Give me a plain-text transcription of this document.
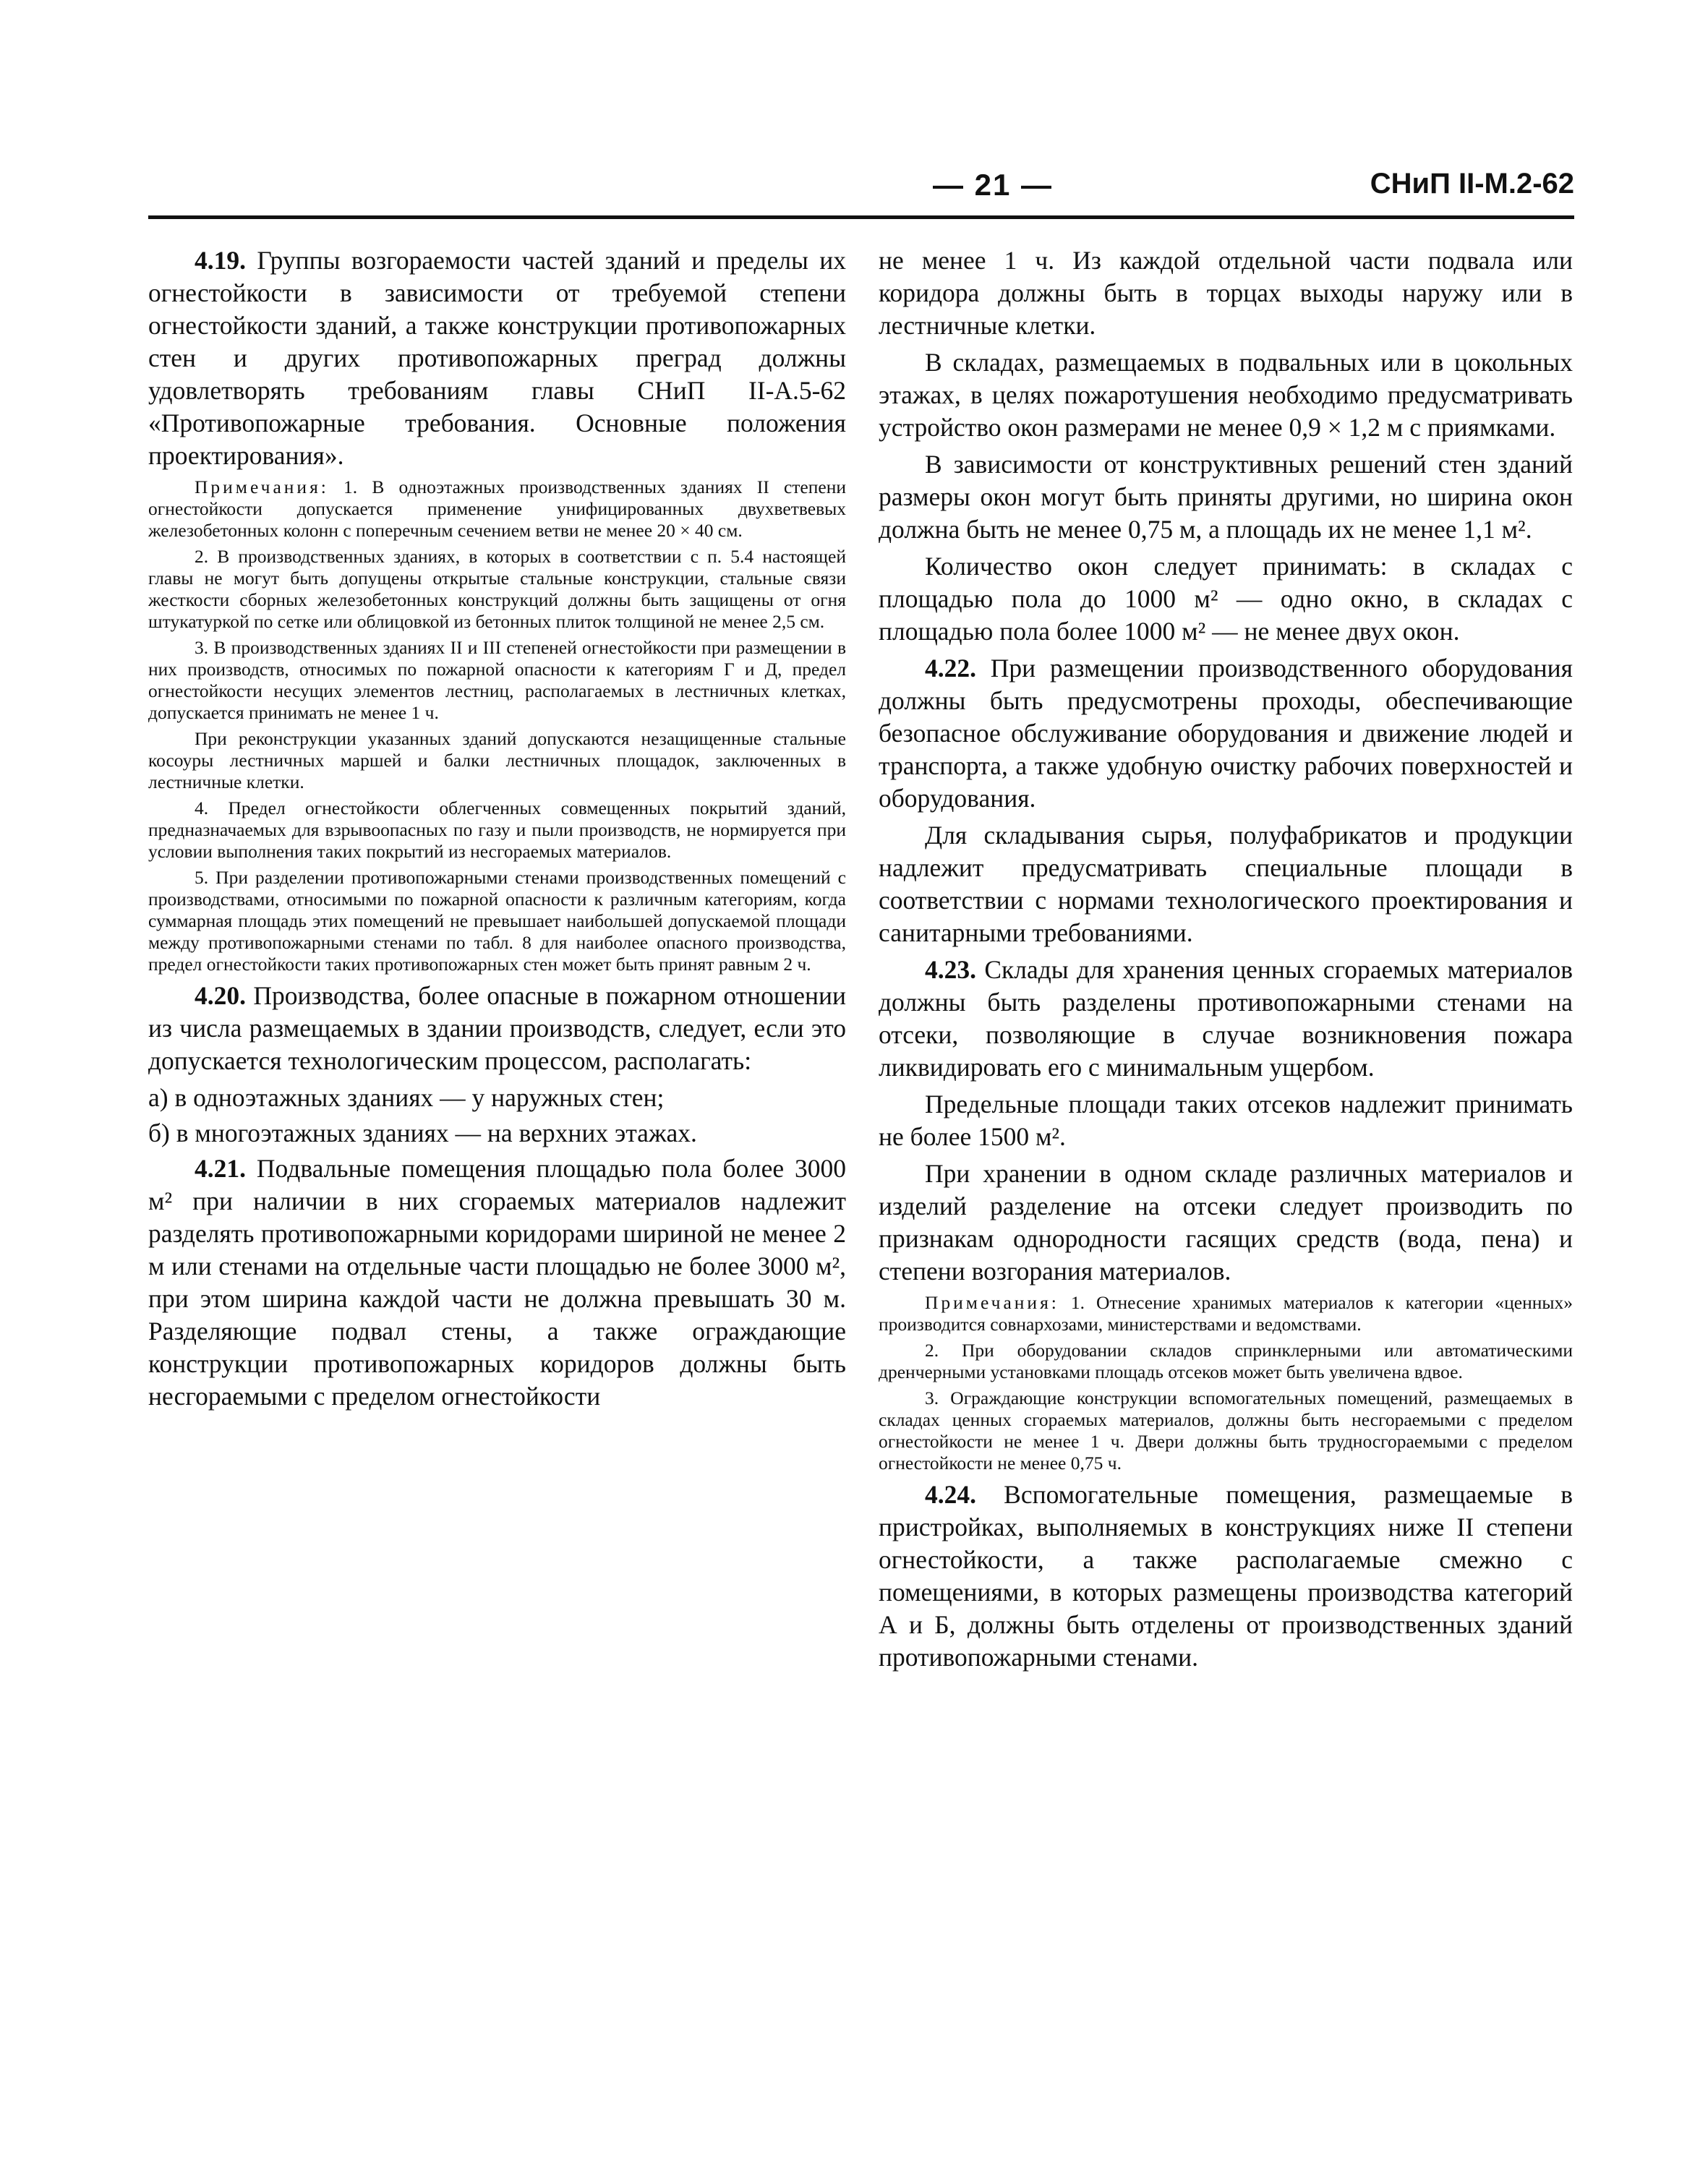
— 21 —	СНиП II-М.2-62

4.19. Группы возгораемости частей зданий и пределы их огнестойкости в зависимости от требуемой степени огнестойкости зданий, а также конструкции противопожарных стен и других противопожарных преград должны удовлетворять требованиям главы СНиП II-А.5-62 «Противопожарные требования. Основные положения проектирования».

Примечания: 1. В одноэтажных производственных зданиях II степени огнестойкости допускается применение унифицированных двухветвевых железобетонных колонн с поперечным сечением ветви не менее 20 × 40 см.

2. В производственных зданиях, в которых в соответствии с п. 5.4 настоящей главы не могут быть допущены открытые стальные конструкции, стальные связи жесткости сборных железобетонных конструкций должны быть защищены от огня штукатуркой по сетке или облицовкой из бетонных плиток толщиной не менее 2,5 см.

3. В производственных зданиях II и III степеней огнестойкости при размещении в них производств, относимых по пожарной опасности к категориям Г и Д, предел огнестойкости несущих элементов лестниц, располагаемых в лестничных клетках, допускается принимать не менее 1 ч.

При реконструкции указанных зданий допускаются незащищенные стальные косоуры лестничных маршей и балки лестничных площадок, заключенных в лестничные клетки.

4. Предел огнестойкости облегченных совмещенных покрытий зданий, предназначаемых для взрывоопасных по газу и пыли производств, не нормируется при условии выполнения таких покрытий из несгораемых материалов.

5. При разделении противопожарными стенами производственных помещений с производствами, относимыми по пожарной опасности к различным категориям, когда суммарная площадь этих помещений не превышает наибольшей допускаемой площади между противопожарными стенами по табл. 8 для наиболее опасного производства, предел огнестойкости таких противопожарных стен может быть принят равным 2 ч.

4.20. Производства, более опасные в пожарном отношении из числа размещаемых в здании производств, следует, если это допускается технологическим процессом, располагать:

а) в одноэтажных зданиях — у наружных стен;

б) в многоэтажных зданиях — на верхних этажах.

4.21. Подвальные помещения площадью пола более 3000 м² при наличии в них сгораемых материалов надлежит разделять противопожарными коридорами шириной не менее 2 м или стенами на отдельные части площадью не более 3000 м², при этом ширина каждой части не должна превышать 30 м. Разделяющие подвал стены, а также ограждающие конструкции противопожарных коридоров должны быть несгораемыми с пределом огнестойкости

не менее 1 ч. Из каждой отдельной части подвала или коридора должны быть в торцах выходы наружу или в лестничные клетки.

В складах, размещаемых в подвальных или в цокольных этажах, в целях пожаротушения необходимо предусматривать устройство окон размерами не менее 0,9 × 1,2 м с приямками.

В зависимости от конструктивных решений стен зданий размеры окон могут быть приняты другими, но ширина окон должна быть не менее 0,75 м, а площадь их не менее 1,1 м².

Количество окон следует принимать: в складах с площадью пола до 1000 м² — одно окно, в складах с площадью пола более 1000 м² — не менее двух окон.

4.22. При размещении производственного оборудования должны быть предусмотрены проходы, обеспечивающие безопасное обслуживание оборудования и движение людей и транспорта, а также удобную очистку рабочих поверхностей и оборудования.

Для складывания сырья, полуфабрикатов и продукции надлежит предусматривать специальные площади в соответствии с нормами технологического проектирования и санитарными требованиями.

4.23. Склады для хранения ценных сгораемых материалов должны быть разделены противопожарными стенами на отсеки, позволяющие в случае возникновения пожара ликвидировать его с минимальным ущербом.

Предельные площади таких отсеков надлежит принимать не более 1500 м².

При хранении в одном складе различных материалов и изделий разделение на отсеки следует производить по признакам однородности гасящих средств (вода, пена) и степени возгорания материалов.

Примечания: 1. Отнесение хранимых материалов к категории «ценных» производится совнархозами, министерствами и ведомствами.

2. При оборудовании складов спринклерными или автоматическими дренчерными установками площадь отсеков может быть увеличена вдвое.

3. Ограждающие конструкции вспомогательных помещений, размещаемых в складах ценных сгораемых материалов, должны быть несгораемыми с пределом огнестойкости не менее 1 ч. Двери должны быть трудносгораемыми с пределом огнестойкости не менее 0,75 ч.

4.24. Вспомогательные помещения, размещаемые в пристройках, выполняемых в конструкциях ниже II степени огнестойкости, а также располагаемые смежно с помещениями, в которых размещены производства категорий А и Б, должны быть отделены от производственных зданий противопожарными стенами.
